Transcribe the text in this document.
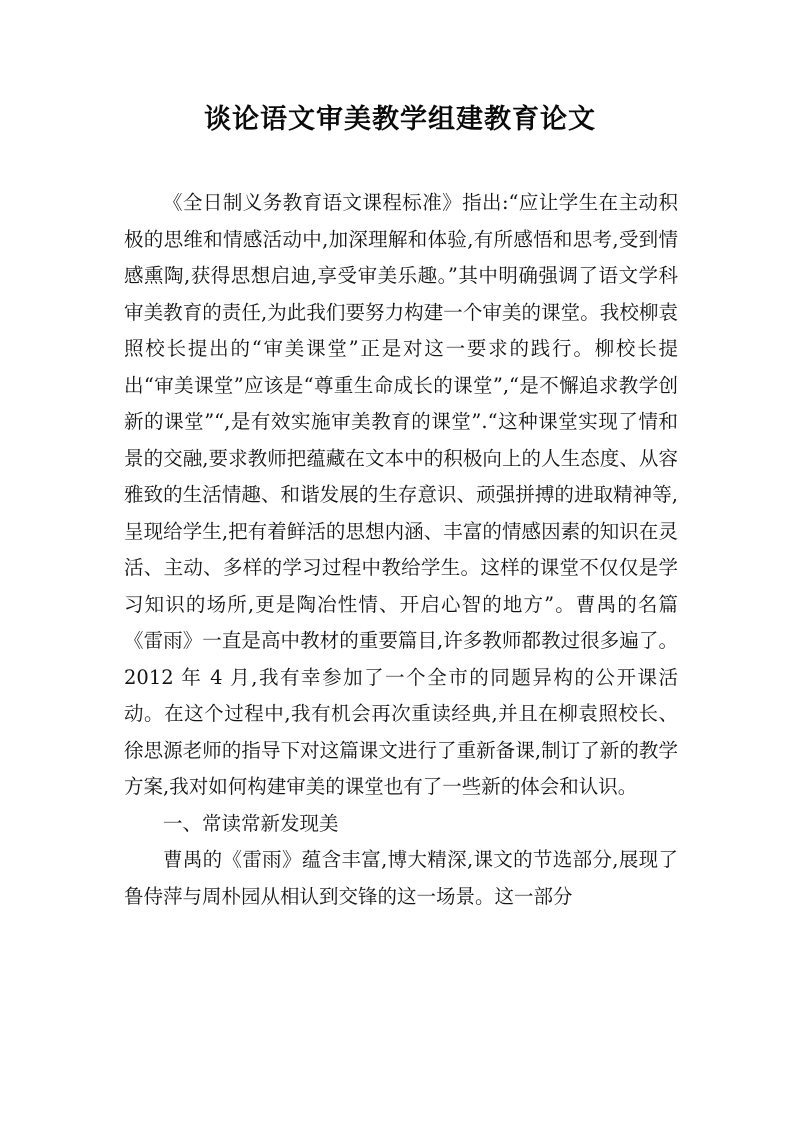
谈论语文审美教学组建教育论文

《全日制义务教育语文课程标准》指出:“应让学生在主动积极的思维和情感活动中,加深理解和体验,有所感悟和思考,受到情感熏陶,获得思想启迪,享受审美乐趣。”其中明确强调了语文学科审美教育的责任,为此我们要努力构建一个审美的课堂。我校柳袁照校长提出的“审美课堂”正是对这一要求的践行。柳校长提出“审美课堂”应该是“尊重生命成长的课堂”,“是不懈追求教学创新的课堂”“,是有效实施审美教育的课堂”.“这种课堂实现了情和景的交融,要求教师把蕴藏在文本中的积极向上的人生态度、从容雅致的生活情趣、和谐发展的生存意识、顽强拼搏的进取精神等,呈现给学生,把有着鲜活的思想内涵、丰富的情感因素的知识在灵活、主动、多样的学习过程中教给学生。这样的课堂不仅仅是学习知识的场所,更是陶冶性情、开启心智的地方”。曹禺的名篇《雷雨》一直是高中教材的重要篇目,许多教师都教过很多遍了。2012 年 4 月,我有幸参加了一个全市的同题异构的公开课活动。在这个过程中,我有机会再次重读经典,并且在柳袁照校长、徐思源老师的指导下对这篇课文进行了重新备课,制订了新的教学方案,我对如何构建审美的课堂也有了一些新的体会和认识。

一、常读常新发现美

曹禺的《雷雨》蕴含丰富,博大精深,课文的节选部分,展现了鲁侍萍与周朴园从相认到交锋的这一场景。这一部分
